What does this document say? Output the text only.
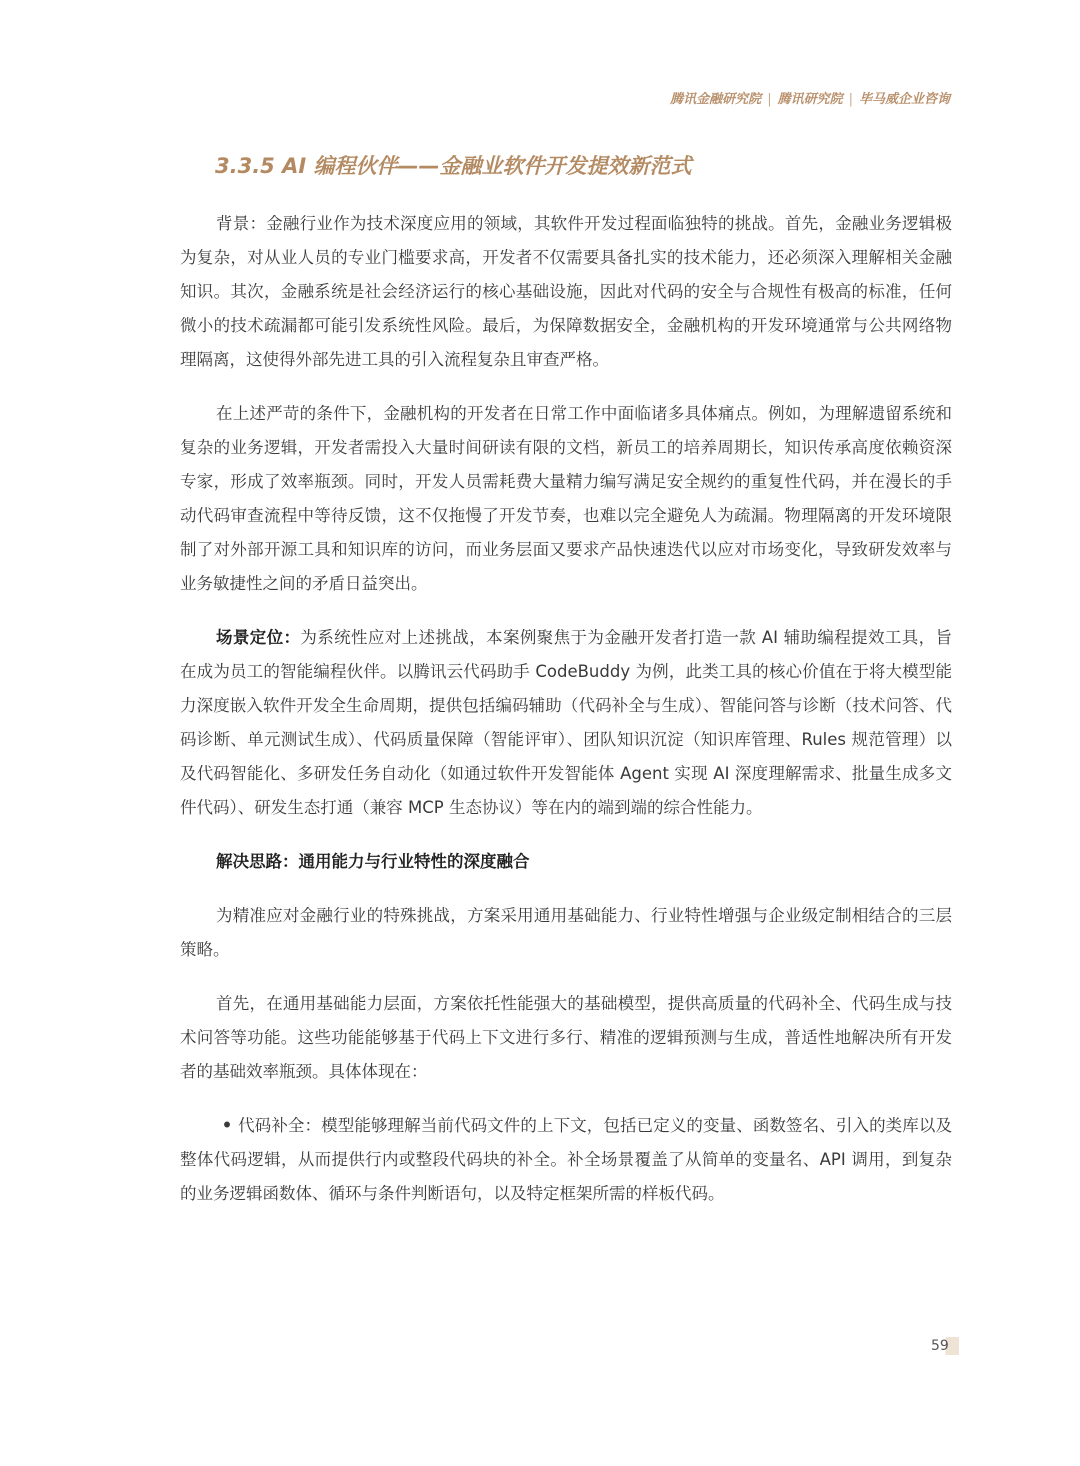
腾讯金融研究院 | 腾讯研究院 | 毕马威企业咨询
3.3.5 AI 编程伙伴——金融业软件开发提效新范式

背景：金融行业作为技术深度应用的领域，其软件开发过程面临独特的挑战。首先，金融业务逻辑极为复杂，对从业人员的专业门槛要求高，开发者不仅需要具备扎实的技术能力，还必须深入理解相关金融知识。其次，金融系统是社会经济运行的核心基础设施，因此对代码的安全与合规性有极高的标准，任何微小的技术疏漏都可能引发系统性风险。最后，为保障数据安全，金融机构的开发环境通常与公共网络物理隔离，这使得外部先进工具的引入流程复杂且审查严格。

在上述严苛的条件下，金融机构的开发者在日常工作中面临诸多具体痛点。例如，为理解遗留系统和复杂的业务逻辑，开发者需投入大量时间研读有限的文档，新员工的培养周期长，知识传承高度依赖资深专家，形成了效率瓶颈。同时，开发人员需耗费大量精力编写满足安全规约的重复性代码，并在漫长的手动代码审查流程中等待反馈，这不仅拖慢了开发节奏，也难以完全避免人为疏漏。物理隔离的开发环境限制了对外部开源工具和知识库的访问，而业务层面又要求产品快速迭代以应对市场变化，导致研发效率与业务敏捷性之间的矛盾日益突出。

场景定位：为系统性应对上述挑战，本案例聚焦于为金融开发者打造一款 AI 辅助编程提效工具，旨在成为员工的智能编程伙伴。以腾讯云代码助手 CodeBuddy 为例，此类工具的核心价值在于将大模型能力深度嵌入软件开发全生命周期，提供包括编码辅助（代码补全与生成）、智能问答与诊断（技术问答、代码诊断、单元测试生成）、代码质量保障（智能评审）、团队知识沉淀（知识库管理、Rules 规范管理）以及代码智能化、多研发任务自动化（如通过软件开发智能体 Agent 实现 AI 深度理解需求、批量生成多文件代码）、研发生态打通（兼容 MCP 生态协议）等在内的端到端的综合性能力。

解决思路：通用能力与行业特性的深度融合

为精准应对金融行业的特殊挑战，方案采用通用基础能力、行业特性增强与企业级定制相结合的三层策略。

首先，在通用基础能力层面，方案依托性能强大的基础模型，提供高质量的代码补全、代码生成与技术问答等功能。这些功能能够基于代码上下文进行多行、精准的逻辑预测与生成，普适性地解决所有开发者的基础效率瓶颈。具体体现在：

• 代码补全：模型能够理解当前代码文件的上下文，包括已定义的变量、函数签名、引入的类库以及整体代码逻辑，从而提供行内或整段代码块的补全。补全场景覆盖了从简单的变量名、API 调用，到复杂的业务逻辑函数体、循环与条件判断语句，以及特定框架所需的样板代码。

59
